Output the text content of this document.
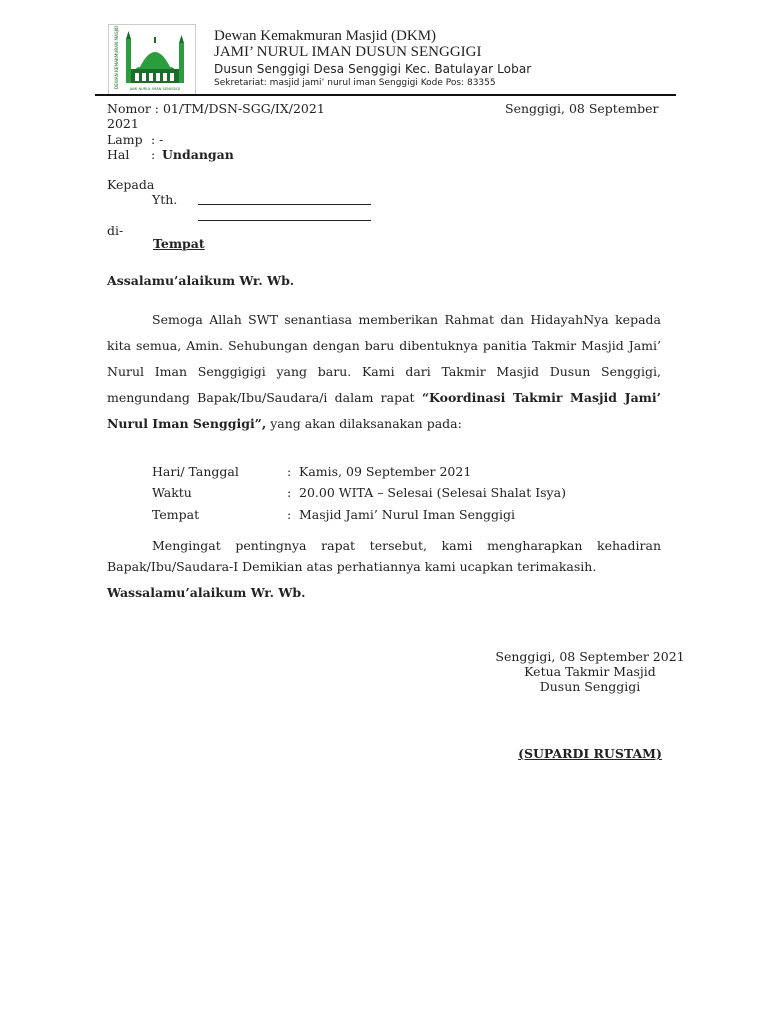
DEWAN KEMAKMURAN MASJID	JAMI NURUL IMAN SENGGIGI
Dewan Kemakmuran Masjid (DKM)
JAMI’ NURUL IMAN DUSUN SENGGIGI
Dusun Senggigi Desa Senggigi Kec. Batulayar Lobar
Sekretariat: masjid jami’ nurul iman Senggigi Kode Pos: 83355
Nomor : 01/TM/DSN-SGG/IX/2021	Senggigi, 08 September
2021
Lamp : -
Hal : Undangan
Kepada
Yth.
di-
Tempat
Assalamu’alaikum Wr. Wb.
Semoga Allah SWT senantiasa memberikan Rahmat dan HidayahNya kepada kita semua, Amin. Sehubungan dengan baru dibentuknya panitia Takmir Masjid Jami’ Nurul Iman Senggigigi yang baru. Kami dari Takmir Masjid Dusun Senggigi, mengundang Bapak/Ibu/Saudara/i dalam rapat “Koordinasi Takmir Masjid Jami’ Nurul Iman Senggigi”, yang akan dilaksanakan pada:
Hari/ Tanggal	: Kamis, 09 September 2021
Waktu	: 20.00 WITA – Selesai (Selesai Shalat Isya)
Tempat	: Masjid Jami’ Nurul Iman Senggigi
Mengingat pentingnya rapat tersebut, kami mengharapkan kehadiran Bapak/Ibu/Saudara-I Demikian atas perhatiannya kami ucapkan terimakasih.
Wassalamu’alaikum Wr. Wb.
Senggigi, 08 September 2021
Ketua Takmir Masjid
Dusun Senggigi
(SUPARDI RUSTAM)
